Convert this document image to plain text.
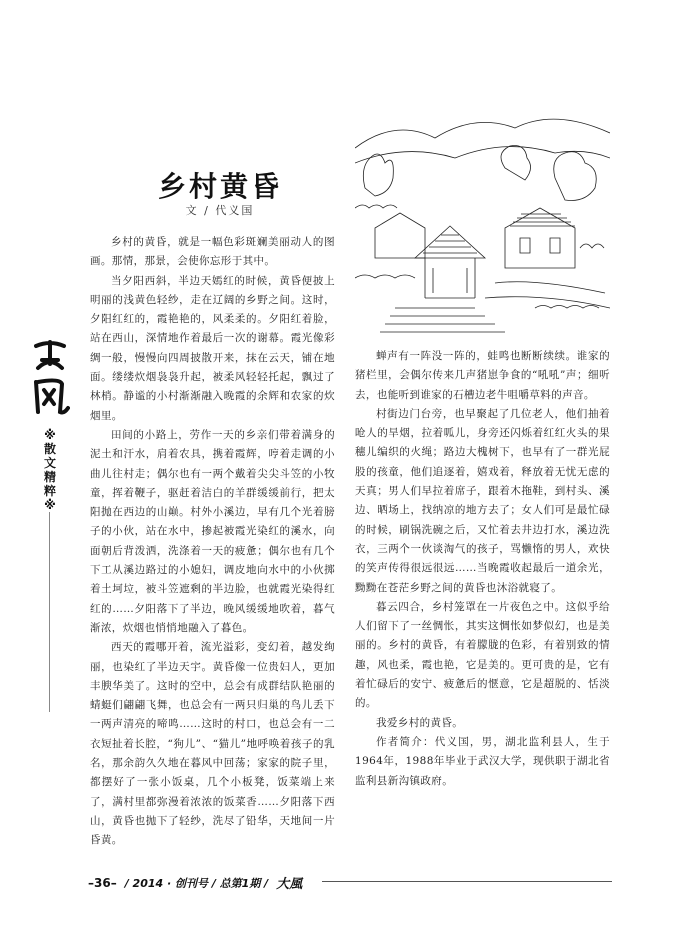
※散文精粹※
乡村黄昏
文 / 代义国

乡村的黄昏，就是一幅色彩斑斓美丽动人的图画。那情，那景，会使你忘形于其中。

当夕阳西斜，半边天嫣红的时候，黄昏便披上明丽的浅黄色轻纱，走在辽阔的乡野之间。这时，夕阳红红的，霞艳艳的，风柔柔的。夕阳红着脸，站在西山，深情地作着最后一次的谢幕。霞光像彩绸一般，慢慢向四周披散开来，抹在云天，铺在地面。缕缕炊烟袅袅升起，被柔风轻轻托起，飘过了林梢。静谧的小村渐渐融入晚霞的余辉和农家的炊烟里。

田间的小路上，劳作一天的乡亲们带着满身的泥土和汗水，肩着农具，携着霞辉，哼着走调的小曲儿往村走；偶尔也有一两个戴着尖尖斗笠的小牧童，挥着鞭子，驱赶着洁白的羊群缓缓前行，把太阳抛在西边的山巅。村外小溪边，早有几个光着膀子的小伙，站在水中，掺起被霞光染红的溪水，向面朝后背泼洒，洗涤着一天的疲惫；偶尔也有几个下工从溪边路过的小媳妇，调皮地向水中的小伙掷着土坷垃，被斗笠遮剩的半边脸，也就霞光染得红红的……夕阳落下了半边，晚风缓缓地吹着，暮气渐浓，炊烟也悄悄地融入了暮色。

西天的霞哪开着，流光溢彩，变幻着，越发绚丽，也染红了半边天宇。黄昏像一位贵妇人，更加丰腴华美了。这时的空中，总会有成群结队艳丽的蜻蜓们翩翩飞舞，也总会有一两只归巢的鸟儿丢下一两声清亮的啼鸣……这时的村口，也总会有一二衣短扯着长腔，“狗儿”、“猫儿”地呼唤着孩子的乳名，那余韵久久地在暮风中回荡；家家的院子里，都摆好了一张小饭桌，几个小板凳，饭菜端上来了，满村里都弥漫着浓浓的饭菜香……夕阳落下西山，黄昏也抛下了轻纱，洗尽了铅华，天地间一片昏黄。

蝉声有一阵没一阵的，蛙鸣也断断续续。谁家的猪栏里，会偶尔传来几声猪崽争食的“吼吼”声；细听去，也能听到谁家的石槽边老牛咀嚼草料的声音。

村街边门台旁，也早聚起了几位老人，他们抽着呛人的旱烟，拉着呱儿，身旁还闪烁着红红火头的果穗儿编织的火绳；路边大槐树下，也早有了一群光屁股的孩童，他们追逐着，嬉戏着，释放着无忧无虑的天真；男人们早拉着席子，跟着木拖鞋，到村头、溪边、晒场上，找纳凉的地方去了；女人们可是最忙碌的时候，刷锅洗碗之后，又忙着去井边打水，溪边洗衣，三两个一伙谈淘气的孩子，骂懒惰的男人，欢快的笑声传得很远很远……当晚霞收起最后一道余光，黝黝在苍茫乡野之间的黄昏也沐浴就寝了。

暮云四合，乡村笼罩在一片夜色之中。这似乎给人们留下了一丝惆怅，其实这惆怅如梦似幻，也是美丽的。乡村的黄昏，有着朦胧的色彩，有着别致的情趣，风也柔，霞也艳，它是美的。更可贵的是，它有着忙碌后的安宁、疲惫后的惬意，它是超脱的、恬淡的。

我爱乡村的黄昏。

作者简介：代义国，男，湖北监利县人，生于1964年，1988年毕业于武汉大学，现供职于湖北省监利县新沟镇政府。

–36– / 2014 · 创刊号 / 总第1期 / 大風
